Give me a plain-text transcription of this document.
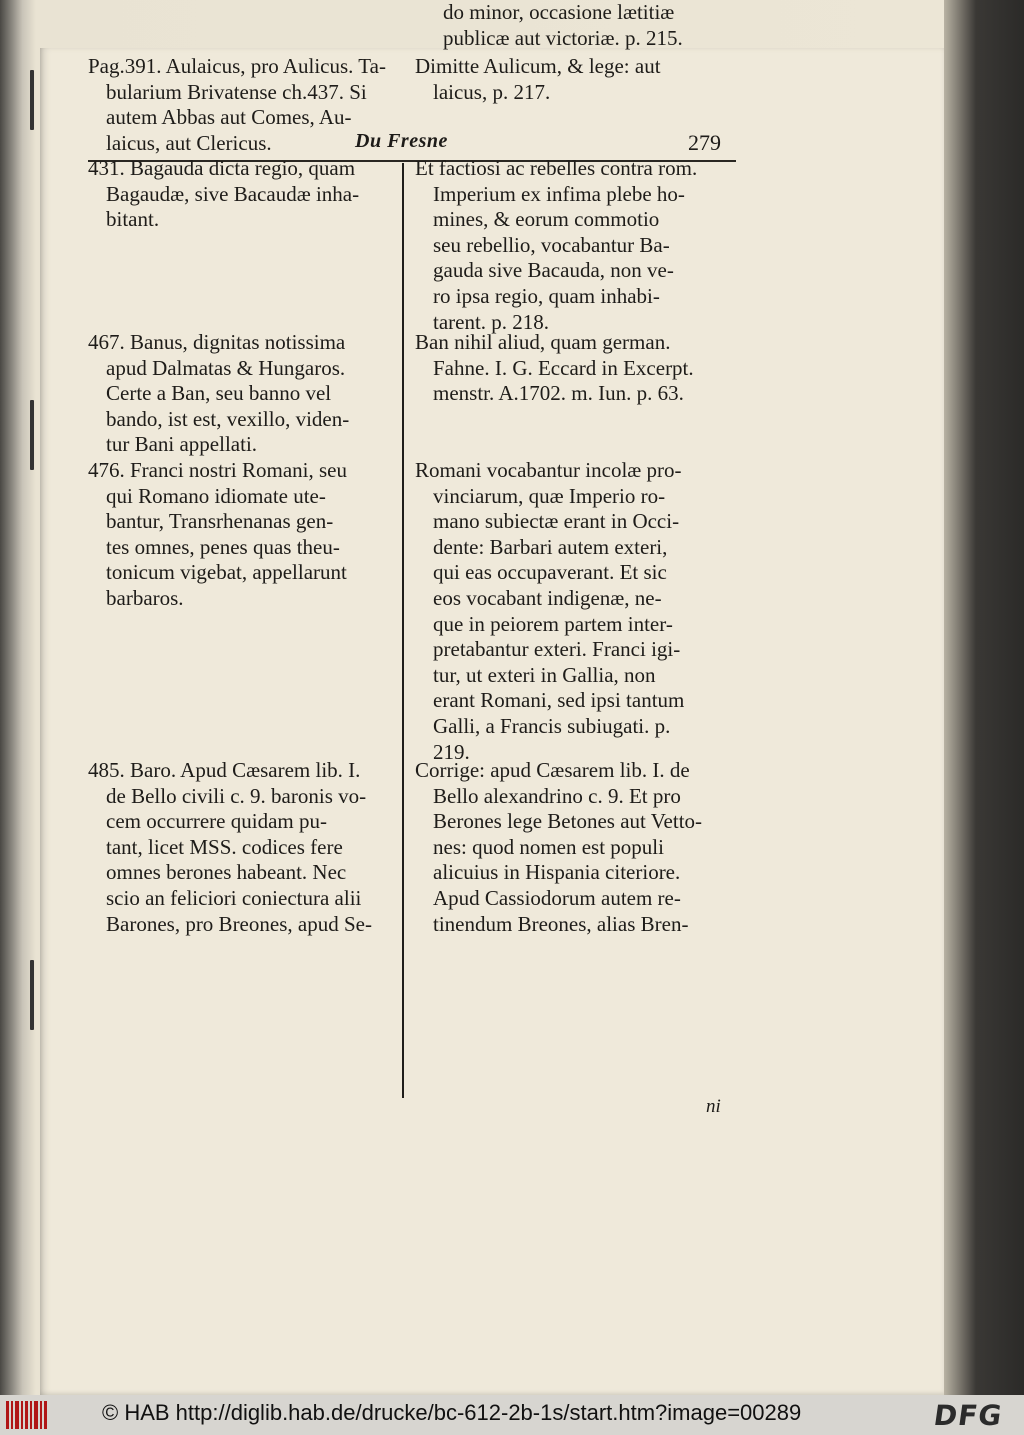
Du Fresne	279

Pag.391. Aulaicus, pro Aulicus. Ta-
bularium Brivatense ch.437. Si
autem Abbas aut Comes, Au-
laicus, aut Clericus.

431. Bagauda dicta regio, quam
Bagaudæ, sive Bacaudæ inha-
bitant.

467. Banus, dignitas notissima
apud Dalmatas & Hungaros.
Certe a Ban, seu banno vel
bando, ist est, vexillo, viden-
tur Bani appellati.

476. Franci nostri Romani, seu
qui Romano idiomate ute-
bantur, Transrhenanas gen-
tes omnes, penes quas theu-
tonicum vigebat, appellarunt
barbaros.

485. Baro. Apud Cæsarem lib. I.
de Bello civili c. 9. baronis vo-
cem occurrere quidam pu-
tant, licet MSS. codices fere
omnes berones habeant. Nec
scio an feliciori coniectura alii
Barones, pro Breones, apud Se-

do minor, occasione lætitiæ
publicæ aut victoriæ. p. 215.

Dimitte Aulicum, & lege: aut
laicus, p. 217.

Et factiosi ac rebelles contra rom.
Imperium ex infima plebe ho-
mines, & eorum commotio
seu rebellio, vocabantur Ba-
gauda sive Bacauda, non ve-
ro ipsa regio, quam inhabi-
tarent. p. 218.

Ban nihil aliud, quam german.
Fahne. I. G. Eccard in Excerpt.
menstr. A.1702. m. Iun. p. 63.

Romani vocabantur incolæ pro-
vinciarum, quæ Imperio ro-
mano subiectæ erant in Occi-
dente: Barbari autem exteri,
qui eas occupaverant. Et sic
eos vocabant indigenæ, ne-
que in peiorem partem inter-
pretabantur exteri. Franci igi-
tur, ut exteri in Gallia, non
erant Romani, sed ipsi tantum
Galli, a Francis subiugati. p.
219.

Corrige: apud Cæsarem lib. I. de
Bello alexandrino c. 9. Et pro
Berones lege Betones aut Vetto-
nes: quod nomen est populi
alicuius in Hispania citeriore.
Apud Cassiodorum autem re-
tinendum Breones, alias Bren-

ni
© HAB http://diglib.hab.de/drucke/bc-612-2b-1s/start.htm?image=00289	DFG
